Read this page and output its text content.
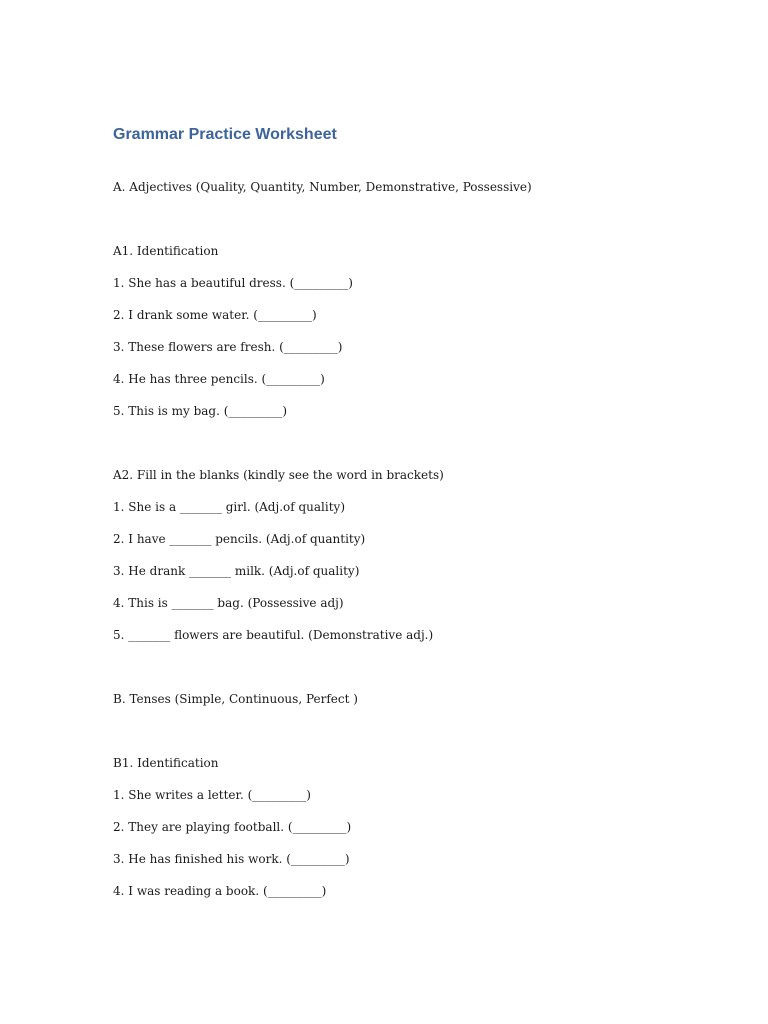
Grammar Practice Worksheet

A. Adjectives (Quality, Quantity, Number, Demonstrative, Possessive)

A1. Identification

1. She has a beautiful dress. (_________)

2. I drank some water. (_________)

3. These flowers are fresh. (_________)

4. He has three pencils. (_________)

5. This is my bag. (_________)

A2. Fill in the blanks (kindly see the word in brackets)

1. She is a _______ girl. (Adj.of quality)

2. I have _______ pencils. (Adj.of quantity)

3. He drank _______ milk. (Adj.of quality)

4. This is _______ bag. (Possessive adj)

5. _______ flowers are beautiful. (Demonstrative adj.)

B. Tenses (Simple, Continuous, Perfect )

B1. Identification

1. She writes a letter. (_________)

2. They are playing football. (_________)

3. He has finished his work. (_________)

4. I was reading a book. (_________)
